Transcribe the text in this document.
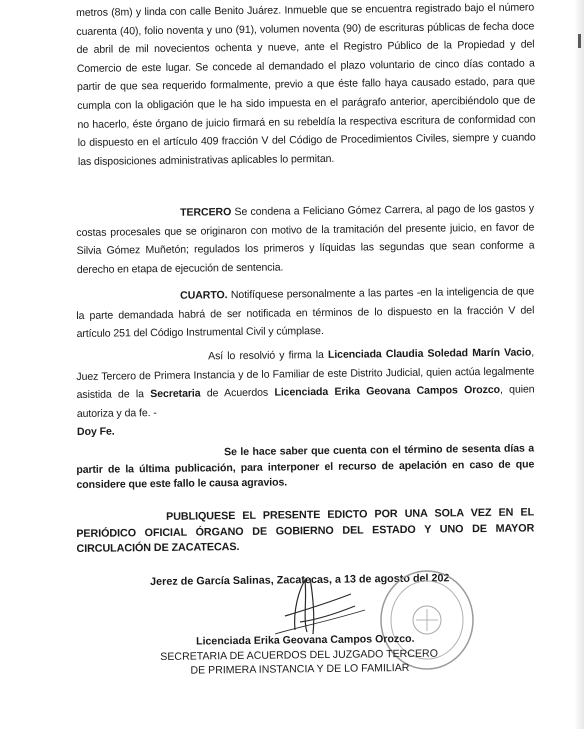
metros (8m) y linda con calle Benito Juárez. Inmueble que se encuentra registrado bajo el número cuarenta (40), folio noventa y uno (91), volumen noventa (90) de escrituras públicas de fecha doce de abril de mil novecientos ochenta y nueve, ante el Registro Público de la Propiedad y del Comercio de este lugar. Se concede al demandado el plazo voluntario de cinco días contado a partir de que sea requerido formalmente, previo a que éste fallo haya causado estado, para que cumpla con la obligación que le ha sido impuesta en el parágrafo anterior, apercibiéndolo que de no hacerlo, éste órgano de juicio firmará en su rebeldía la respectiva escritura de conformidad con lo dispuesto en el artículo 409 fracción V del Código de Procedimientos Civiles, siempre y cuando las disposiciones administrativas aplicables lo permitan.
TERCERO Se condena a Feliciano Gómez Carrera, al pago de los gastos y costas procesales que se originaron con motivo de la tramitación del presente juicio, en favor de Silvia Gómez Muñetón; regulados los primeros y líquidas las segundas que sean conforme a derecho en etapa de ejecución de sentencia.
CUARTO. Notifíquese personalmente a las partes -en la inteligencia de que la parte demandada habrá de ser notificada en términos de lo dispuesto en la fracción V del artículo 251 del Código Instrumental Civil y cúmplase.
Así lo resolvió y firma la Licenciada Claudia Soledad Marín Vacio, Juez Tercero de Primera Instancia y de lo Familiar de este Distrito Judicial, quien actúa legalmente asistida de la Secretaria de Acuerdos Licenciada Erika Geovana Campos Orozco, quien autoriza y da fe. -
Doy Fe.
Se le hace saber que cuenta con el término de sesenta días a partir de la última publicación, para interponer el recurso de apelación en caso de que considere que este fallo le causa agravios.
PUBLIQUESE EL PRESENTE EDICTO POR UNA SOLA VEZ EN EL PERIÓDICO OFICIAL ÓRGANO DE GOBIERNO DEL ESTADO Y UNO DE MAYOR CIRCULACIÓN DE ZACATECAS.
Jerez de García Salinas, Zacatecas, a 13 de agosto del 202
Licenciada Erika Geovana Campos Orozco.
SECRETARIA DE ACUERDOS DEL JUZGADO TERCERO
DE PRIMERA INSTANCIA Y DE LO FAMILIAR
